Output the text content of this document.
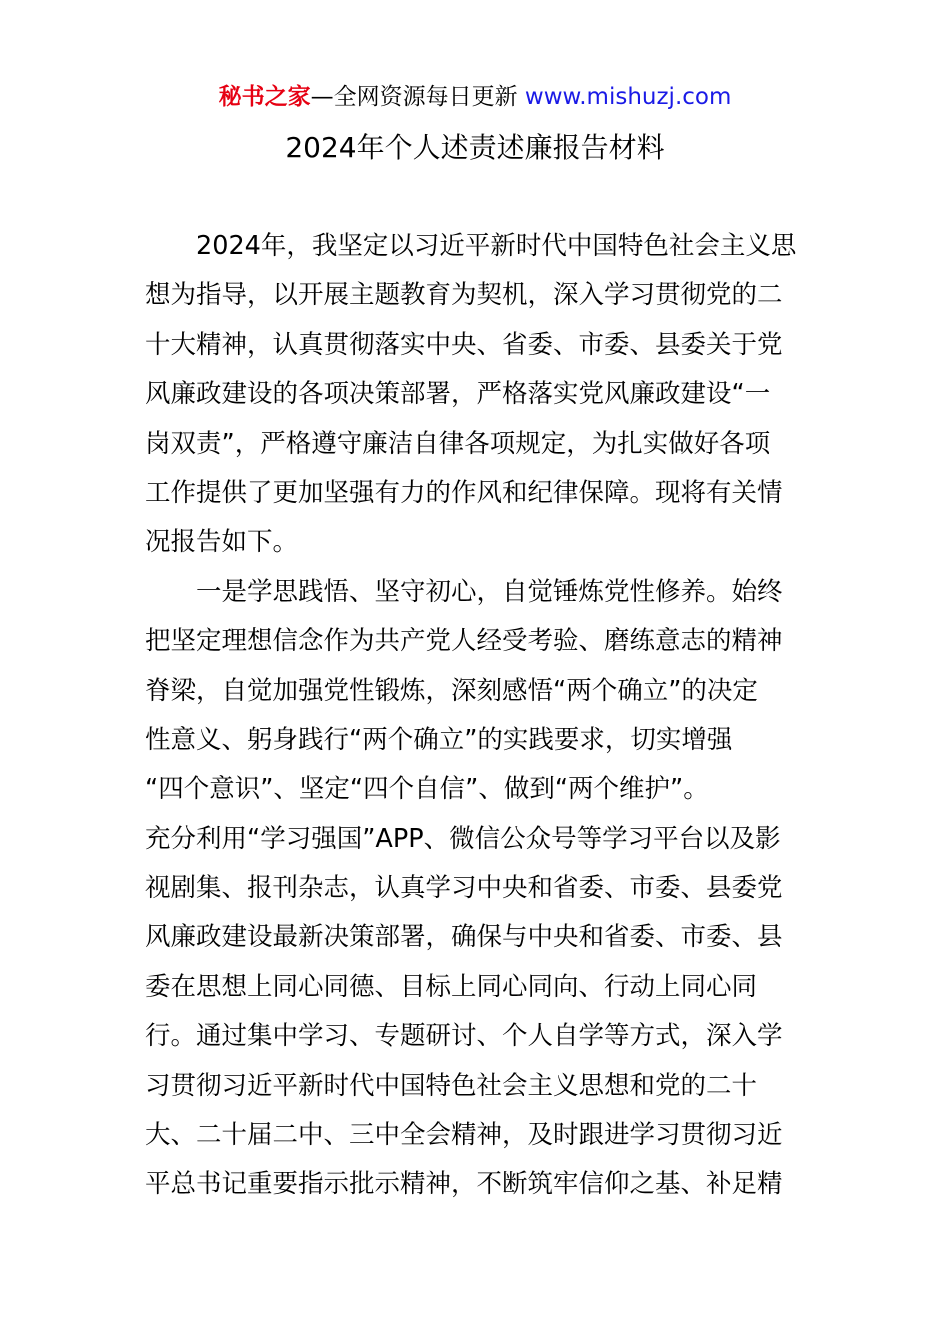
秘书之家—全网资源每日更新 www.mishuzj.com
2024年个人述责述廉报告材料
　　2024年，我坚定以习近平新时代中国特色社会主义思
想为指导，以开展主题教育为契机，深入学习贯彻党的二
十大精神，认真贯彻落实中央、省委、市委、县委关于党
风廉政建设的各项决策部署，严格落实党风廉政建设“一
岗双责”，严格遵守廉洁自律各项规定，为扎实做好各项
工作提供了更加坚强有力的作风和纪律保障。现将有关情
况报告如下。
　　一是学思践悟、坚守初心，自觉锤炼党性修养。始终
把坚定理想信念作为共产党人经受考验、磨练意志的精神
脊梁，自觉加强党性锻炼，深刻感悟“两个确立”的决定
性意义、躬身践行“两个确立”的实践要求，切实增强
“四个意识”、坚定“四个自信”、做到“两个维护”。
充分利用“学习强国”APP、微信公众号等学习平台以及影
视剧集、报刊杂志，认真学习中央和省委、市委、县委党
风廉政建设最新决策部署，确保与中央和省委、市委、县
委在思想上同心同德、目标上同心同向、行动上同心同
行。通过集中学习、专题研讨、个人自学等方式，深入学
习贯彻习近平新时代中国特色社会主义思想和党的二十
大、二十届二中、三中全会精神，及时跟进学习贯彻习近
平总书记重要指示批示精神，不断筑牢信仰之基、补足精
